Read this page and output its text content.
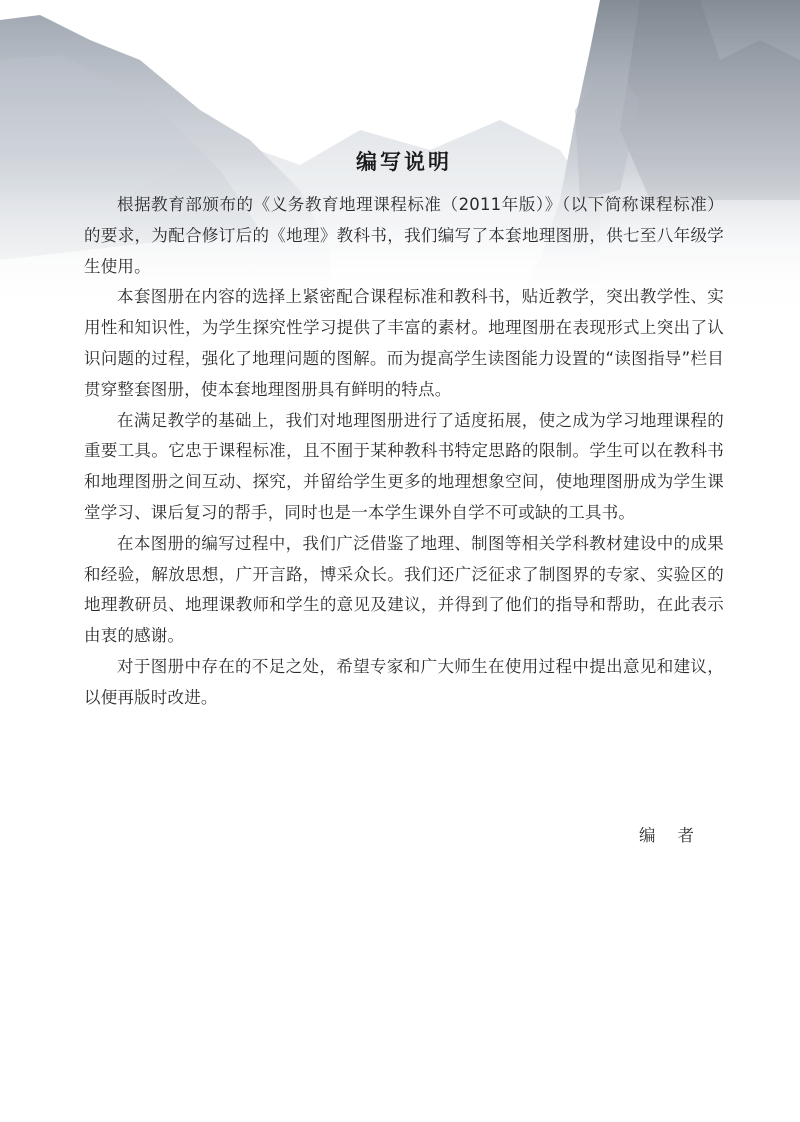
编写说明

根据教育部颁布的《义务教育地理课程标准（2011年版）》（以下简称课程标准）的要求，为配合修订后的《地理》教科书，我们编写了本套地理图册，供七至八年级学生使用。

本套图册在内容的选择上紧密配合课程标准和教科书，贴近教学，突出教学性、实用性和知识性，为学生探究性学习提供了丰富的素材。地理图册在表现形式上突出了认识问题的过程，强化了地理问题的图解。而为提高学生读图能力设置的“读图指导”栏目贯穿整套图册，使本套地理图册具有鲜明的特点。

在满足教学的基础上，我们对地理图册进行了适度拓展，使之成为学习地理课程的重要工具。它忠于课程标准，且不囿于某种教科书特定思路的限制。学生可以在教科书和地理图册之间互动、探究，并留给学生更多的地理想象空间，使地理图册成为学生课堂学习、课后复习的帮手，同时也是一本学生课外自学不可或缺的工具书。

在本图册的编写过程中，我们广泛借鉴了地理、制图等相关学科教材建设中的成果和经验，解放思想，广开言路，博采众长。我们还广泛征求了制图界的专家、实验区的地理教研员、地理课教师和学生的意见及建议，并得到了他们的指导和帮助，在此表示由衷的感谢。

对于图册中存在的不足之处，希望专家和广大师生在使用过程中提出意见和建议，以便再版时改进。

编者
